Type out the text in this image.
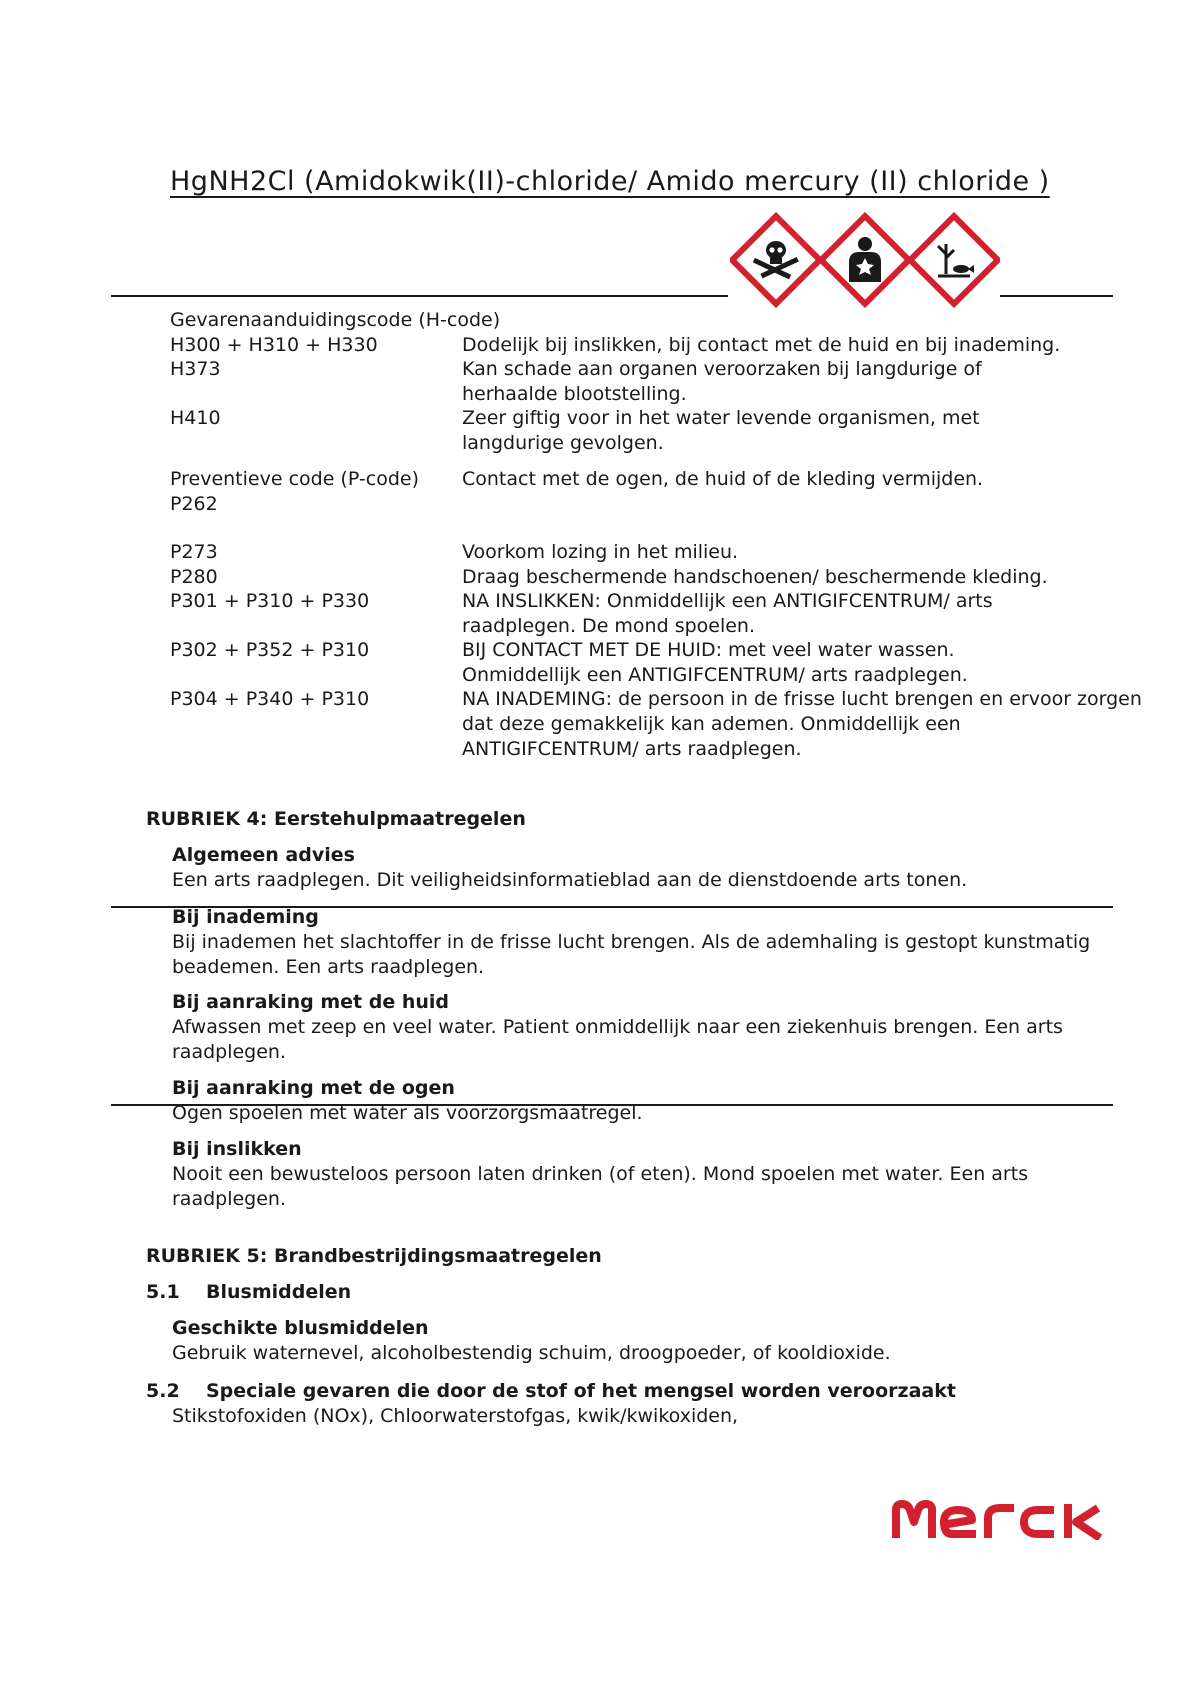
HgNH2Cl (Amidokwik(II)-chloride/ Amido mercury (II) chloride )
Gevarenaanduidingscode (H-code)
H300 + H310 + H330	Dodelijk bij inslikken, bij contact met de huid en bij inademing.
H373	Kan schade aan organen veroorzaken bij langdurige of herhaalde blootstelling.
H410	Zeer giftig voor in het water levende organismen, met langdurige gevolgen.
Preventieve code (P-code)	Contact met de ogen, de huid of de kleding vermijden.
P262
P273	Voorkom lozing in het milieu.
P280	Draag beschermende handschoenen/ beschermende kleding.
P301 + P310 + P330	NA INSLIKKEN: Onmiddellijk een ANTIGIFCENTRUM/ arts raadplegen. De mond spoelen.
P302 + P352 + P310	BIJ CONTACT MET DE HUID: met veel water wassen. Onmiddellijk een ANTIGIFCENTRUM/ arts raadplegen.
P304 + P340 + P310	NA INADEMING: de persoon in de frisse lucht brengen en ervoor zorgen dat deze gemakkelijk kan ademen. Onmiddellijk een ANTIGIFCENTRUM/ arts raadplegen.
RUBRIEK 4: Eerstehulpmaatregelen
Algemeen advies
Een arts raadplegen. Dit veiligheidsinformatieblad aan de dienstdoende arts tonen.
Bij inademing
Bij inademen het slachtoffer in de frisse lucht brengen. Als de ademhaling is gestopt kunstmatig beademen. Een arts raadplegen.
Bij aanraking met de huid
Afwassen met zeep en veel water. Patient onmiddellijk naar een ziekenhuis brengen. Een arts raadplegen.
Bij aanraking met de ogen
Ogen spoelen met water als voorzorgsmaatregel.
Bij inslikken
Nooit een bewusteloos persoon laten drinken (of eten). Mond spoelen met water. Een arts raadplegen.
RUBRIEK 5: Brandbestrijdingsmaatregelen
5.1 Blusmiddelen
Geschikte blusmiddelen
Gebruik waternevel, alcoholbestendig schuim, droogpoeder, of kooldioxide.
5.2 Speciale gevaren die door de stof of het mengsel worden veroorzaakt
Stikstofoxiden (NOx), Chloorwaterstofgas, kwik/kwikoxiden,
